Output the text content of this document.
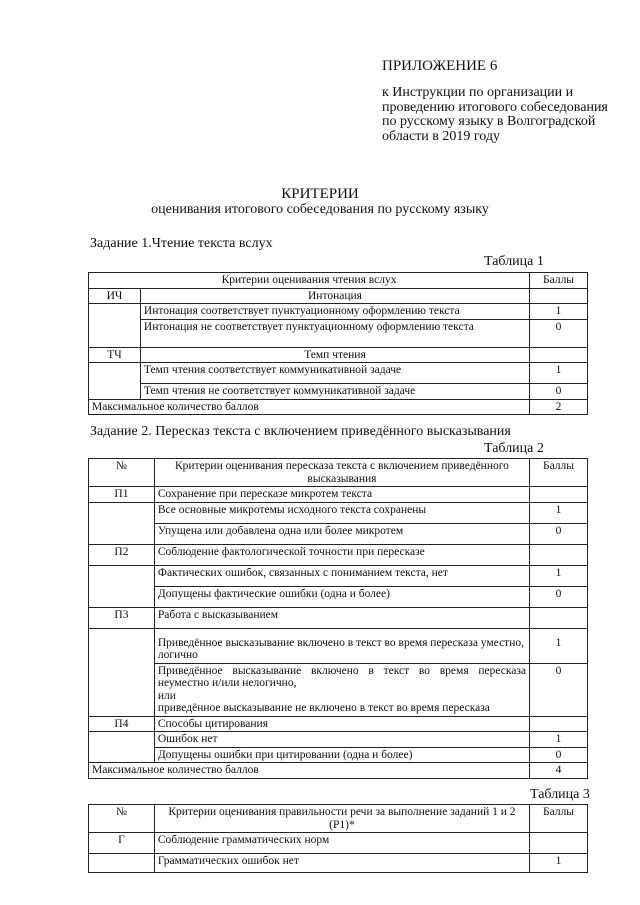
ПРИЛОЖЕНИЕ 6
к Инструкции по организации и проведению итогового собеседования по русскому языку в Волгоградской области в 2019 году
КРИТЕРИИ
оценивания итогового собеседования по русскому языку
Задание 1.Чтение текста вслух
Таблица 1
Критерии оценивания чтения вслух		Баллы
ИЧ	Интонация	
	Интонация соответствует пунктуационному оформлению текста	1
	Интонация не соответствует пунктуационному оформлению текста	0
ТЧ	Темп чтения	
	Темп чтения соответствует коммуникативной задаче	1
	Темп чтения не соответствует коммуникативной задаче	0
Максимальное количество баллов		2
Задание 2. Пересказ текста с включением приведённого высказывания
Таблица 2
№	Критерии оценивания пересказа текста с включением приведённого высказывания	Баллы
П1	Сохранение при пересказе микротем текста	
	Все основные микротемы исходного текста сохранены	1
	Упущена или добавлена одна или более микротем	0
П2	Соблюдение фактологической точности при пересказе	
	Фактических ошибок, связанных с пониманием текста, нет	1
	Допущены фактические ошибки (одна и более)	0
П3	Работа с высказыванием	
	Приведённое высказывание включено в текст во время пересказа уместно, логично	1

	Приведённое высказывание включено в текст во время пересказа неуместно и/или нелогично,
или
приведённое высказывание не включено в текст во время пересказа	0
П4	Способы цитирования	
	Ошибок нет	1
	Допущены ошибки при цитировании (одна и более)	0
Максимальное количество баллов		4
Таблица 3
№	Критерии оценивания правильности речи за выполнение заданий 1 и 2 (Р1)*	Баллы
Г	Соблюдение грамматических норм	
	Грамматических ошибок нет	1
